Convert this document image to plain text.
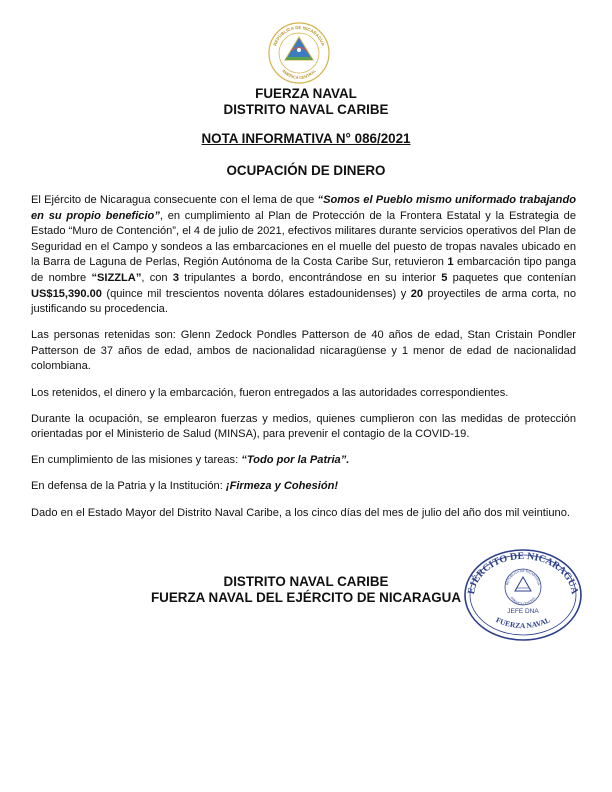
REPUBLICA DE NICARAGUA
AMERICA CENTRAL
FUERZA NAVAL
DISTRITO NAVAL CARIBE
NOTA INFORMATIVA N° 086/2021
OCUPACIÓN DE DINERO

El Ejército de Nicaragua consecuente con el lema de que “Somos el Pueblo mismo uniformado trabajando en su propio beneficio”, en cumplimiento al Plan de Protección de la Frontera Estatal y la Estrategia de Estado “Muro de Contención”, el 4 de julio de 2021, efectivos militares durante servicios operativos del Plan de Seguridad en el Campo y sondeos a las embarcaciones en el muelle del puesto de tropas navales ubicado en la Barra de Laguna de Perlas, Región Autónoma de la Costa Caribe Sur, retuvieron 1 embarcación tipo panga de nombre “SIZZLA”, con 3 tripulantes a bordo, encontrándose en su interior 5 paquetes que contenían US$15,390.00 (quince mil trescientos noventa dólares estadounidenses) y 20 proyectiles de arma corta, no justificando su procedencia.

Las personas retenidas son: Glenn Zedock Pondles Patterson de 40 años de edad, Stan Cristain Pondler Patterson de 37 años de edad, ambos de nacionalidad nicaragüense y 1 menor de edad de nacionalidad colombiana.

Los retenidos, el dinero y la embarcación, fueron entregados a las autoridades correspondientes.

Durante la ocupación, se emplearon fuerzas y medios, quienes cumplieron con las medidas de protección orientadas por el Ministerio de Salud (MINSA), para prevenir el contagio de la COVID-19.

En cumplimiento de las misiones y tareas: “Todo por la Patria”.

En defensa de la Patria y la Institución: ¡Firmeza y Cohesión!

Dado en el Estado Mayor del Distrito Naval Caribe, a los cinco días del mes de julio del año dos mil veintiuno.

DISTRITO NAVAL CARIBE
FUERZA NAVAL DEL EJÉRCITO DE NICARAGUA EJÉRCITO DE NICARAGUA
FUERZA NAVAL
REPUBLICA DE NICARAGUA
AMERICA CENTRAL
JEFE DNA
